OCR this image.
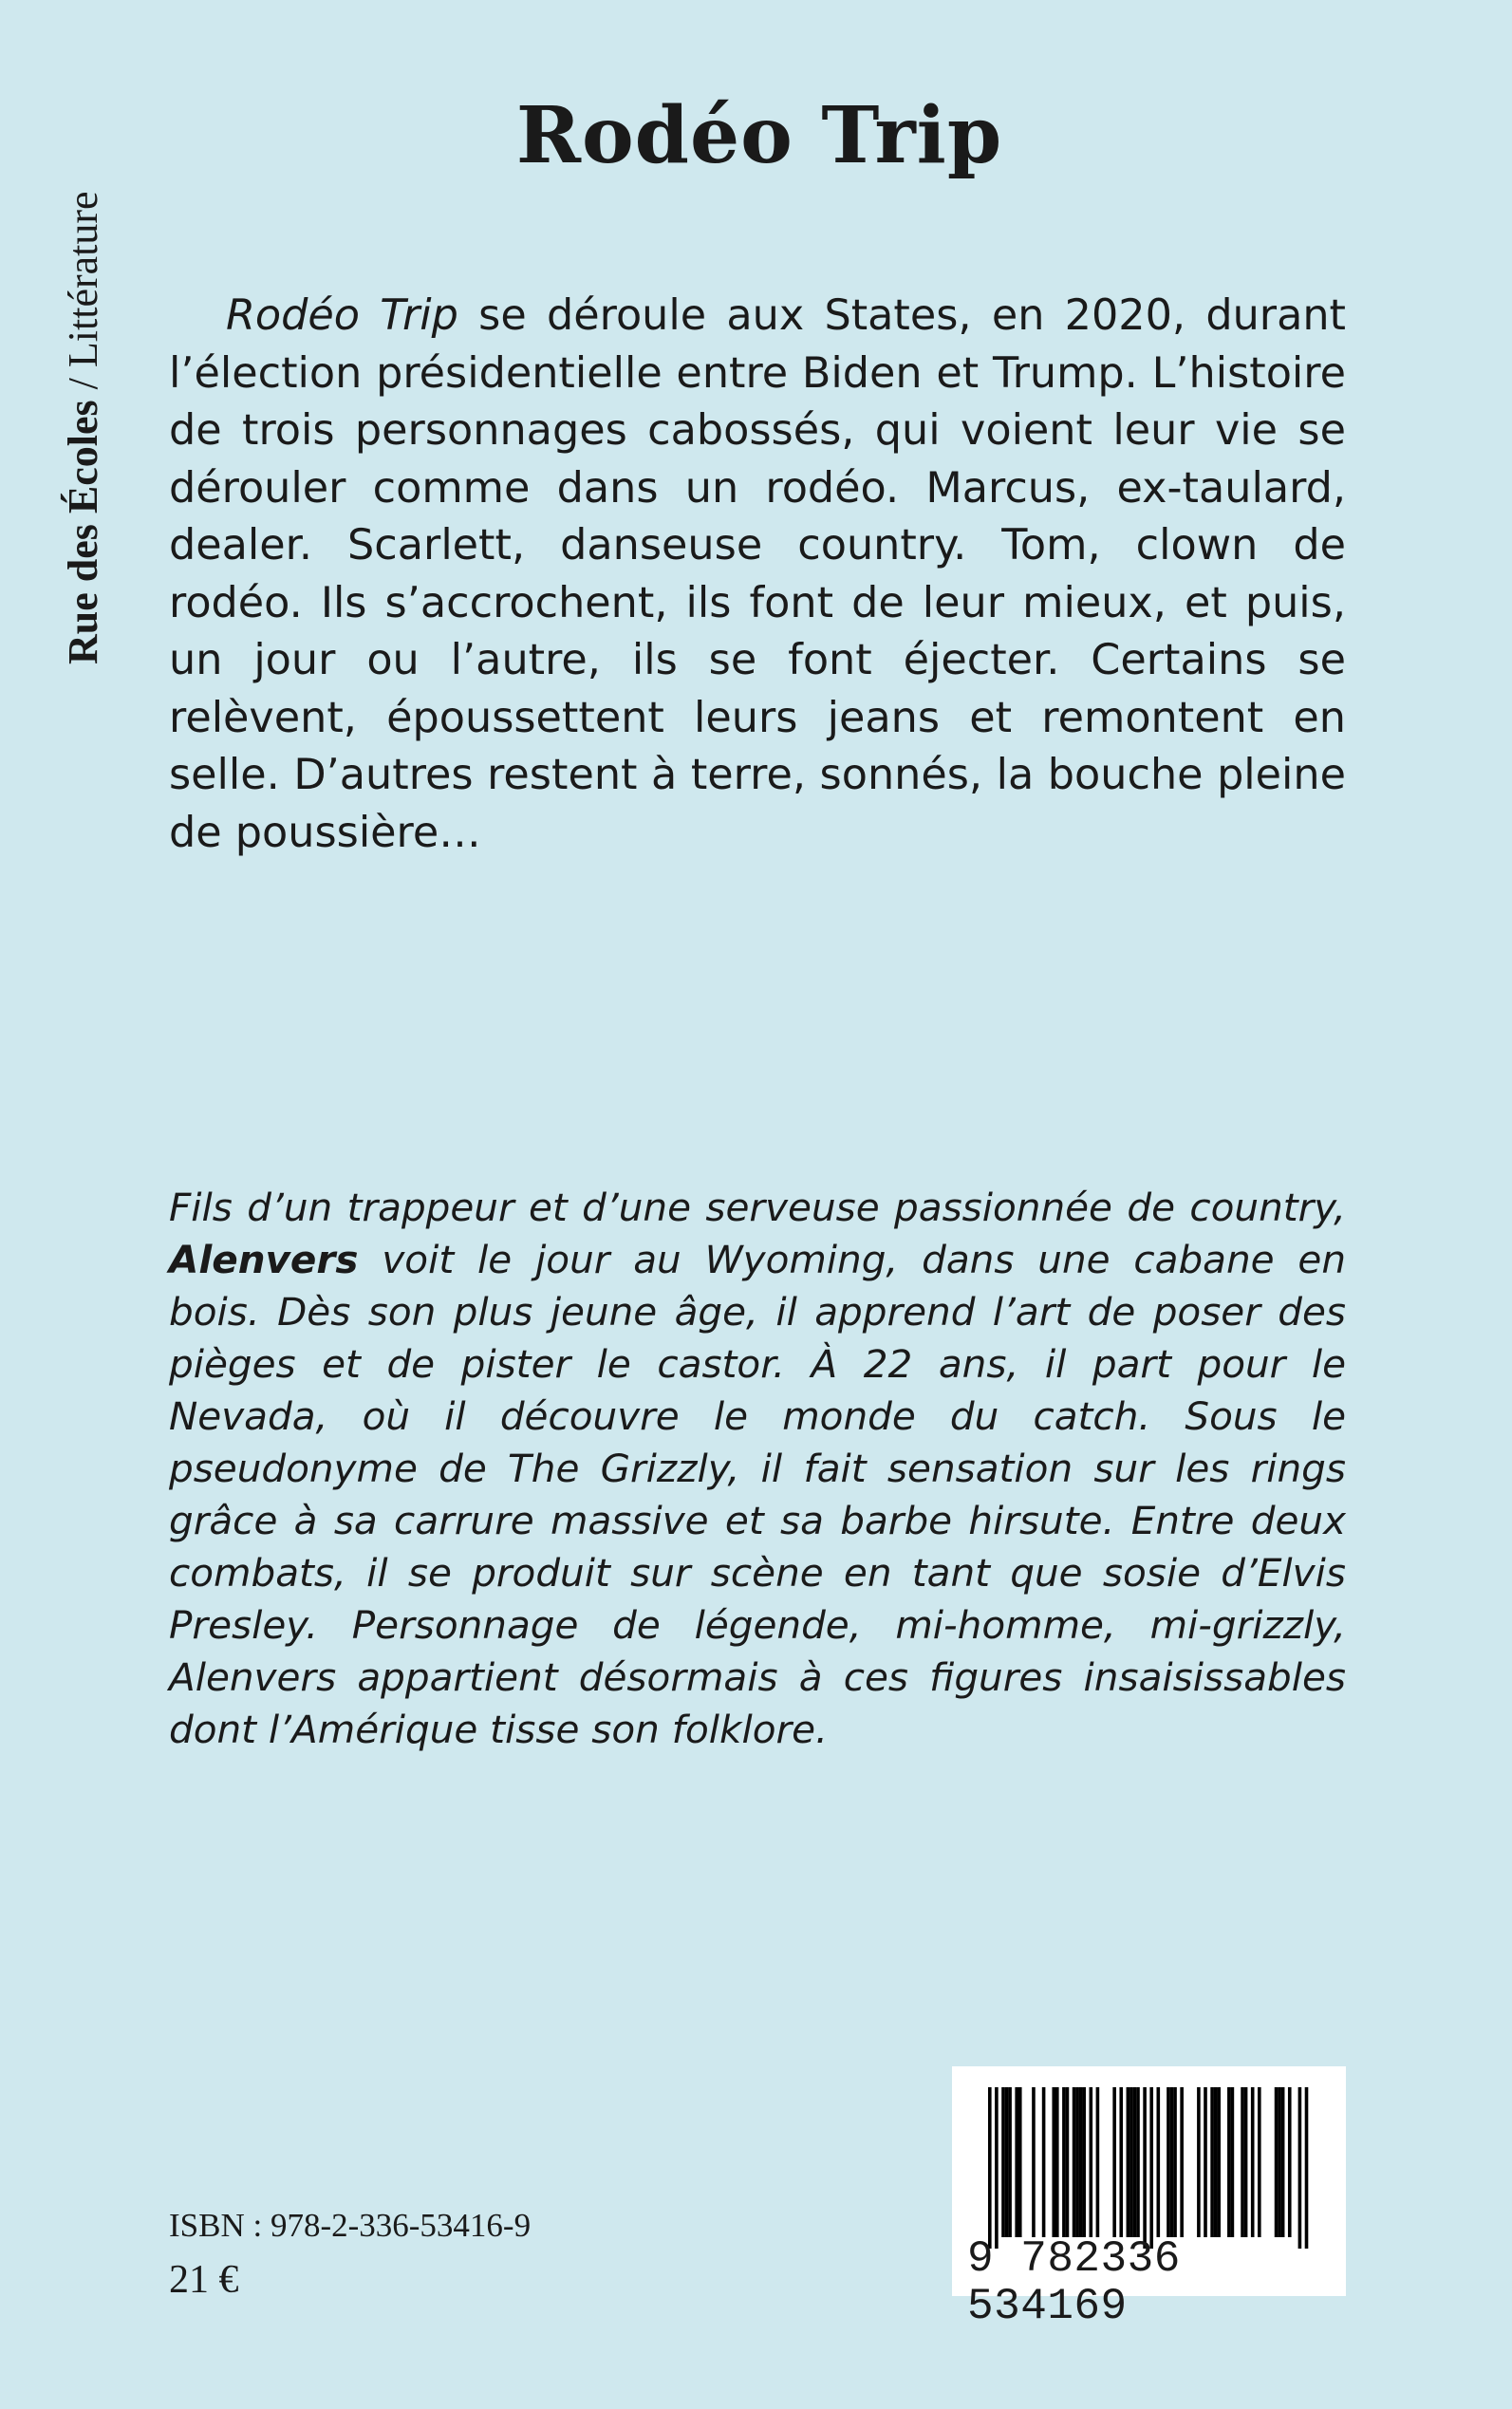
Rue des Écoles / Littérature
Rodéo Trip

Rodéo Trip se déroule aux States, en 2020, durant l’élection présidentielle entre Biden et Trump. L’histoire de trois personnages cabossés, qui voient leur vie se dérouler comme dans un rodéo. Marcus, ex-taulard, dealer. Scarlett, danseuse country. Tom, clown de rodéo. Ils s’accrochent, ils font de leur mieux, et puis, un jour ou l’autre, ils se font éjecter. Certains se relèvent, époussettent leurs jeans et remontent en selle. D’autres restent à terre, sonnés, la bouche pleine de poussière…

Fils d’un trappeur et d’une serveuse passionnée de country, Alenvers voit le jour au Wyoming, dans une cabane en bois. Dès son plus jeune âge, il apprend l’art de poser des pièges et de pister le castor. À 22 ans, il part pour le Nevada, où il découvre le monde du catch. Sous le pseudonyme de The Grizzly, il fait sensation sur les rings grâce à sa carrure massive et sa barbe hirsute. Entre deux combats, il se produit sur scène en tant que sosie d’Elvis Presley. Personnage de légende, mi-homme, mi-grizzly, Alenvers appartient désormais à ces figures insaisissables dont l’Amérique tisse son folklore.

ISBN : 978-2-336-53416-9
21 €	9 782336 534169
